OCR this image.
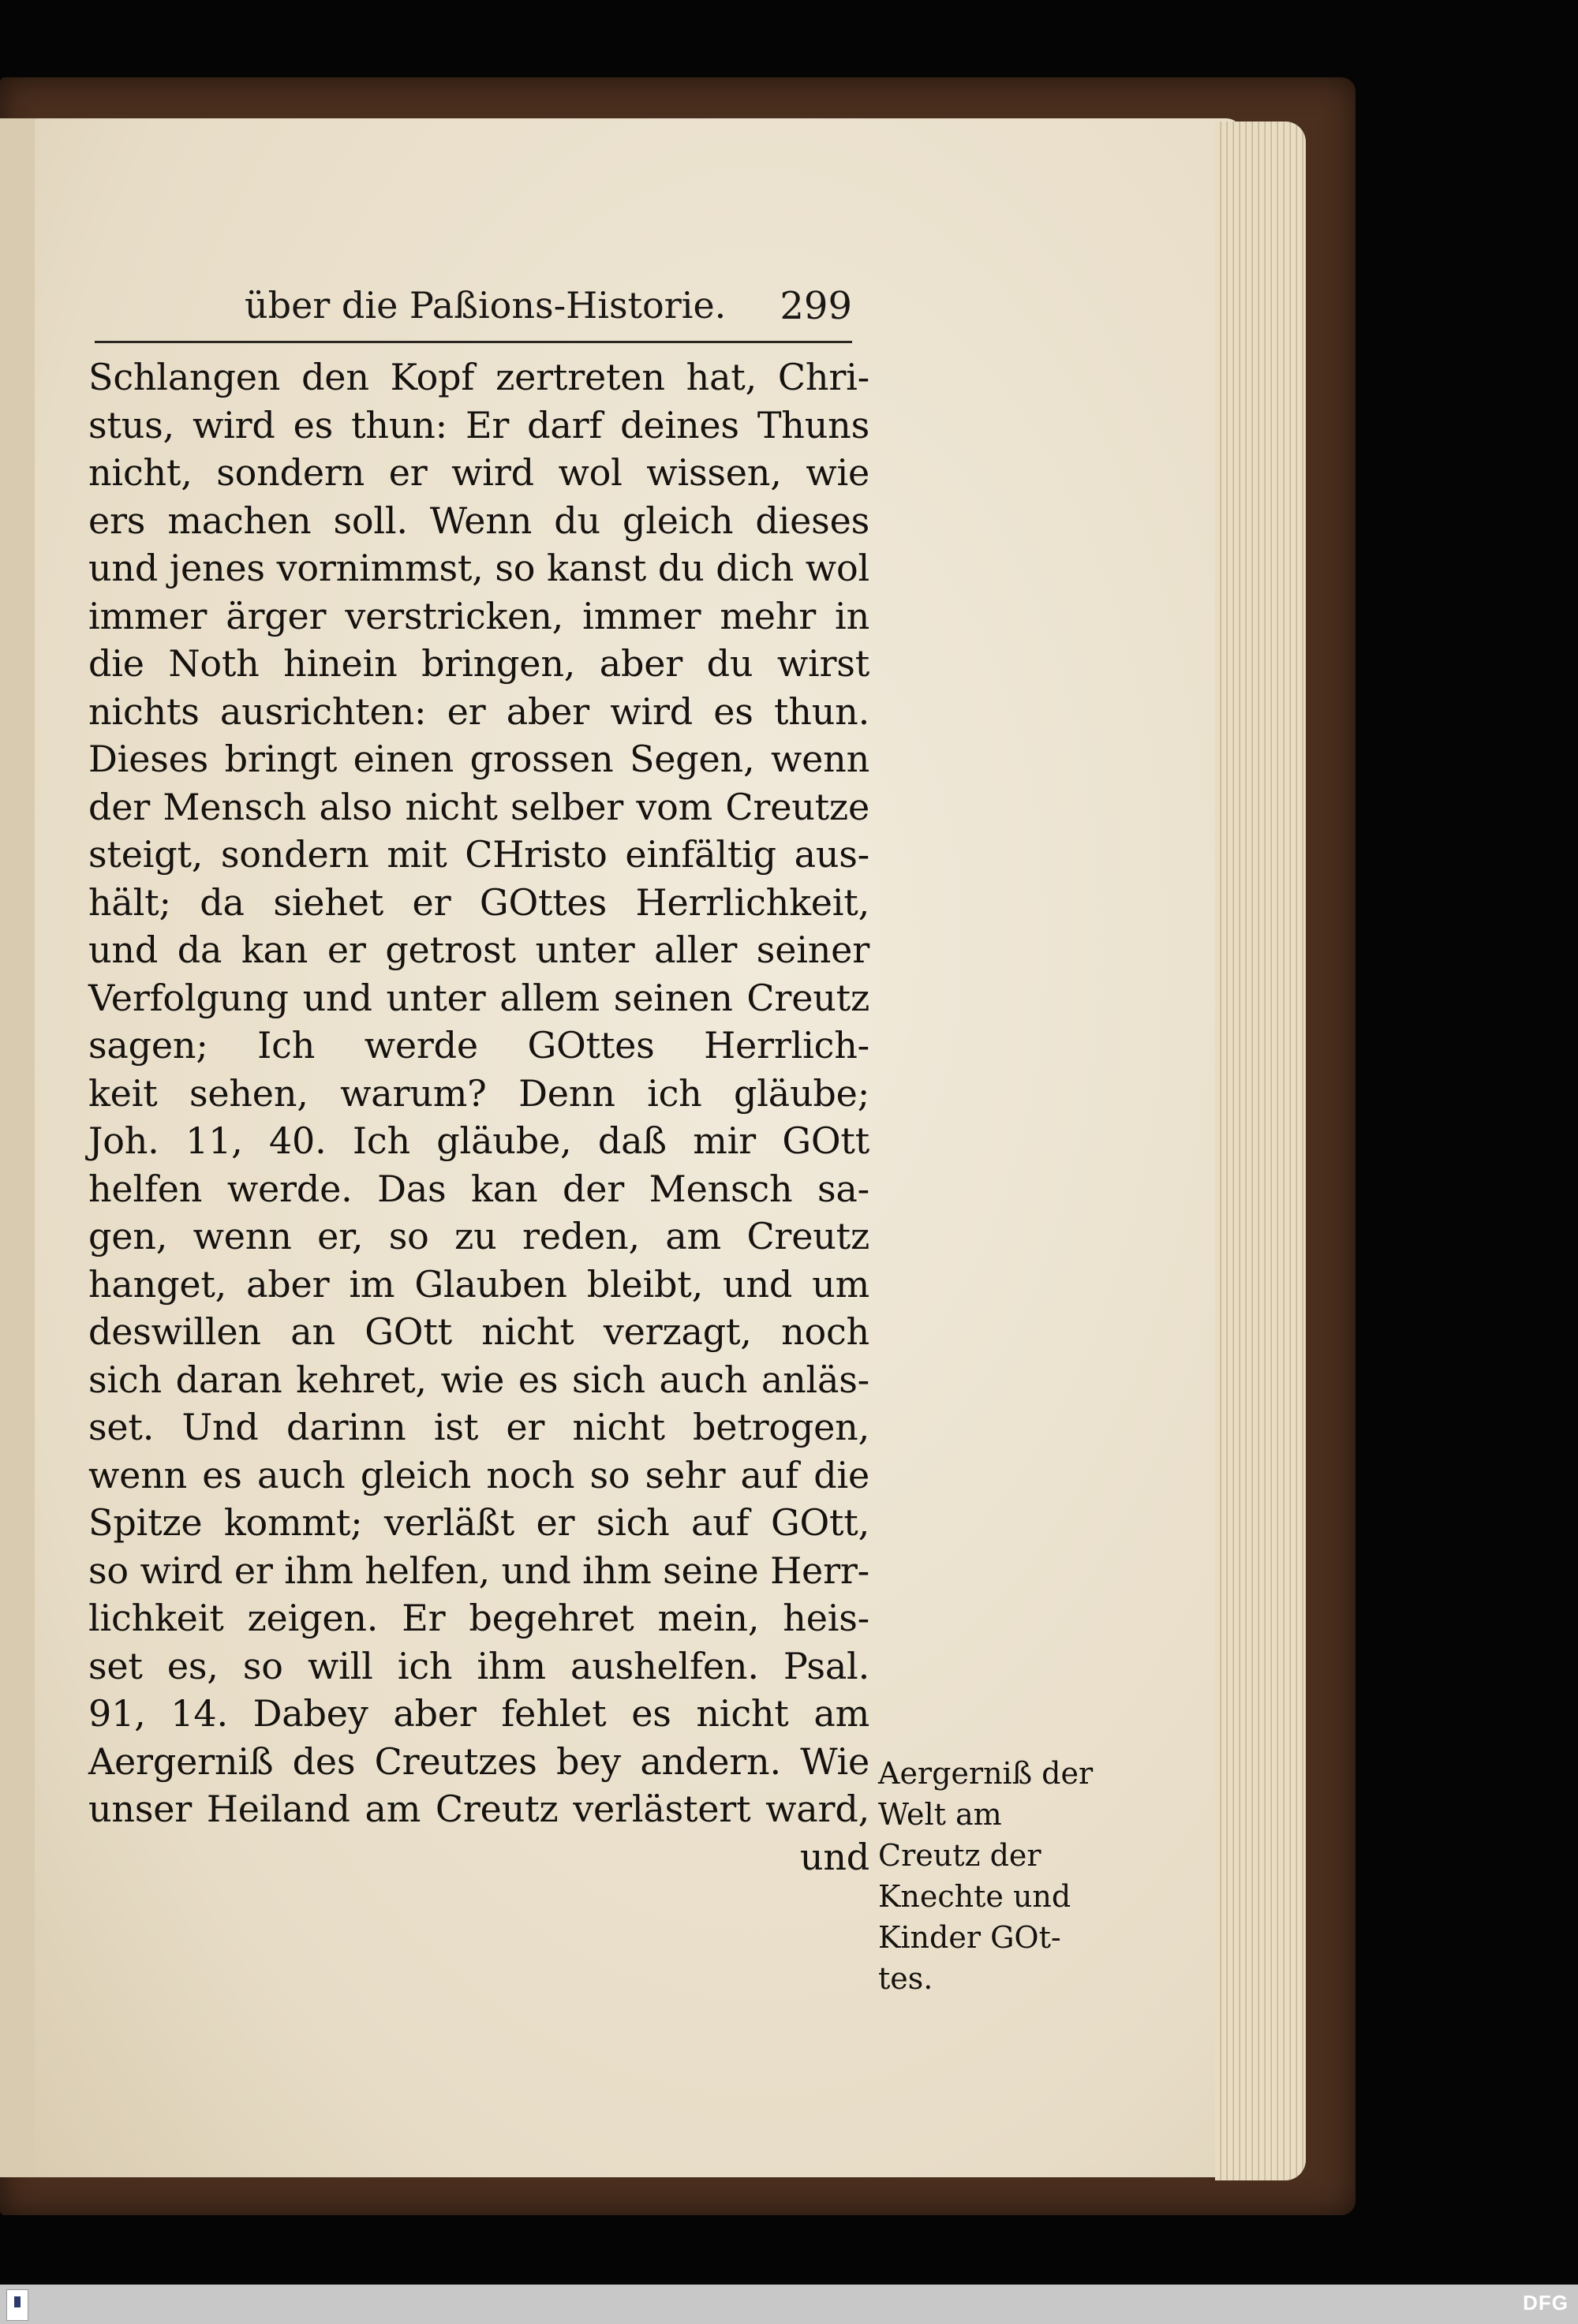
über die Paßions-Historie. 299
Schlangen den Kopf zertreten hat, Chri-
stus, wird es thun: Er darf deines Thuns
nicht, sondern er wird wol wissen, wie
ers machen soll. Wenn du gleich dieses
und jenes vornimmst, so kanst du dich wol
immer ärger verstricken, immer mehr in
die Noth hinein bringen, aber du wirst
nichts ausrichten: er aber wird es thun.
Dieses bringt einen grossen Segen, wenn
der Mensch also nicht selber vom Creutze
steigt, sondern mit CHristo einfältig aus-
hält; da siehet er GOttes Herrlichkeit,
und da kan er getrost unter aller seiner
Verfolgung und unter allem seinen Creutz
sagen; Ich werde GOttes Herrlich-
keit sehen, warum? Denn ich gläube;
Joh. 11, 40. Ich gläube, daß mir GOtt
helfen werde. Das kan der Mensch sa-
gen, wenn er, so zu reden, am Creutz
hanget, aber im Glauben bleibt, und um
deswillen an GOtt nicht verzagt, noch
sich daran kehret, wie es sich auch anläs-
set. Und darinn ist er nicht betrogen,
wenn es auch gleich noch so sehr auf die
Spitze kommt; verläßt er sich auf GOtt,
so wird er ihm helfen, und ihm seine Herr-
lichkeit zeigen. Er begehret mein, heis-
set es, so will ich ihm aushelfen. Psal.
91, 14. Dabey aber fehlet es nicht am
Aergerniß des Creutzes bey andern. Wie
unser Heiland am Creutz verlästert ward,
und
Aergerniß der
Welt am
Creutz der
Knechte und
Kinder GOt-
tes.
DFG
